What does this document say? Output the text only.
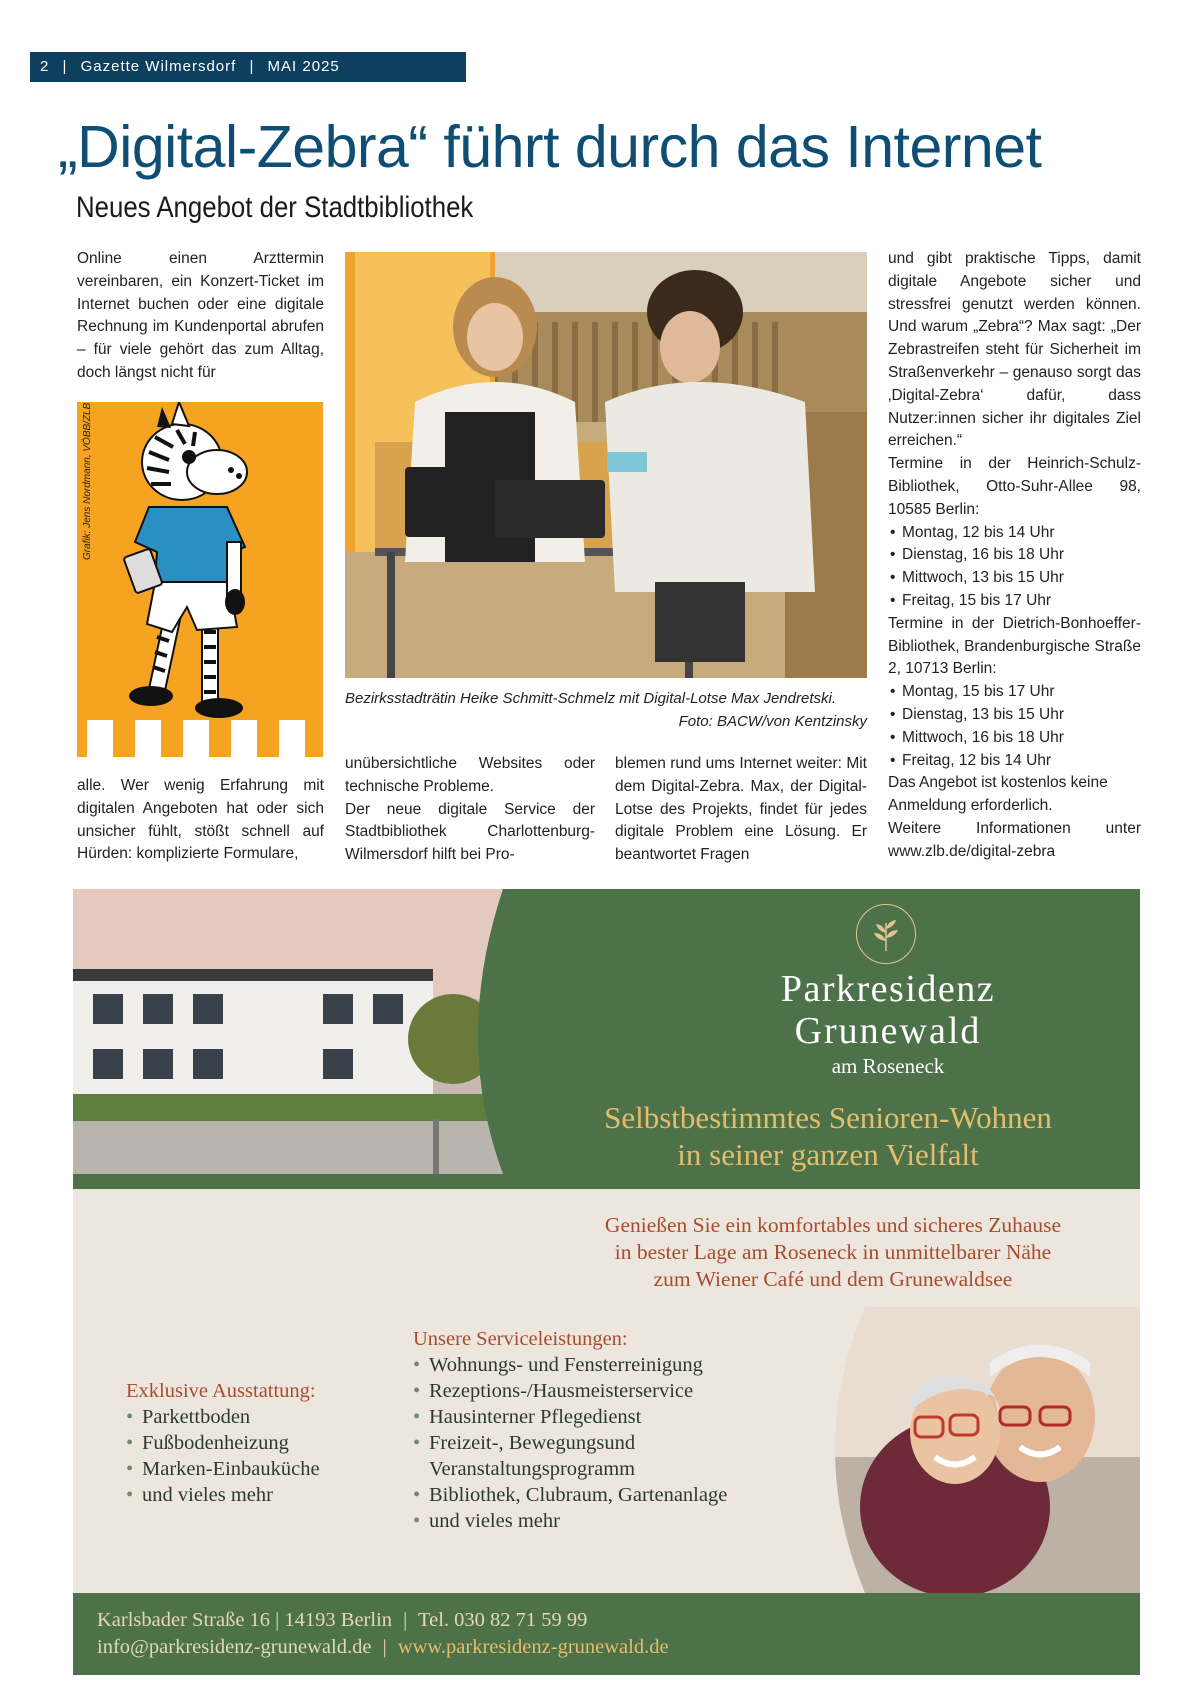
2 | Gazette Wilmersdorf | MAI 2025
„Digital-Zebra“ führt durch das Internet
Neues Angebot der Stadtbibliothek

Online einen Arzttermin vereinbaren, ein Konzert-Ticket im Internet buchen oder eine digitale Rechnung im Kundenportal abrufen – für viele gehört das zum Alltag, doch längst nicht für

Grafik: Jens Nordmann, VÖBB/ZLB

alle. Wer wenig Erfahrung mit digitalen Angeboten hat oder sich unsicher fühlt, stößt schnell auf Hürden: komplizierte Formulare,

Bezirksstadträtin Heike Schmitt-Schmelz mit Digital-Lotse Max Jendretski.
Foto: BACW/von Kentzinsky

unübersichtliche Websites oder technische Probleme.

Der neue digitale Service der Stadtbibliothek Charlottenburg-Wilmersdorf hilft bei Pro-

blemen rund ums Internet weiter: Mit dem Digital-Zebra. Max, der Digital-Lotse des Projekts, findet für jedes digitale Problem eine Lösung. Er beantwortet Fragen

und gibt praktische Tipps, damit digitale Angebote sicher und stressfrei genutzt werden können. Und warum „Zebra“? Max sagt: „Der Zebrastreifen steht für Sicherheit im Straßenverkehr – genauso sorgt das ‚Digital-Zebra‘ dafür, dass Nutzer:innen sicher ihr digitales Ziel erreichen.“

Termine in der Heinrich-Schulz-Bibliothek, Otto-Suhr-Allee 98, 10585 Berlin:

• Montag, 12 bis 14 Uhr
• Dienstag, 16 bis 18 Uhr
• Mittwoch, 13 bis 15 Uhr
• Freitag, 15 bis 17 Uhr

Termine in der Dietrich-Bonhoeffer-Bibliothek, Brandenburgische Straße 2, 10713 Berlin:

• Montag, 15 bis 17 Uhr
• Dienstag, 13 bis 15 Uhr
• Mittwoch, 16 bis 18 Uhr
• Freitag, 12 bis 14 Uhr

Das Angebot ist kostenlos keine Anmeldung erforderlich.

Weitere Informationen unter www.zlb.de/digital-zebra

Parkresidenz
Grunewald
am Roseneck
Selbstbestimmtes Senioren-Wohnen
in seiner ganzen Vielfalt
Genießen Sie ein komfortables und sicheres Zuhause
in bester Lage am Roseneck in unmittelbarer Nähe
zum Wiener Café und dem Grunewaldsee
Exklusive Ausstattung:
• Parkettboden
• Fußbodenheizung
• Marken-Einbauküche
• und vieles mehr
Unsere Serviceleistungen:
• Wohnungs- und Fensterreinigung
• Rezeptions-/Hausmeisterservice
• Hausinterner Pflegedienst
• Freizeit-, Bewegungsund
Veranstaltungsprogramm
• Bibliothek, Clubraum, Gartenanlage
• und vieles mehr
Karlsbader Straße 16 | 14193 Berlin | Tel. 030 82 71 59 99
info@parkresidenz-grunewald.de | www.parkresidenz-grunewald.de
